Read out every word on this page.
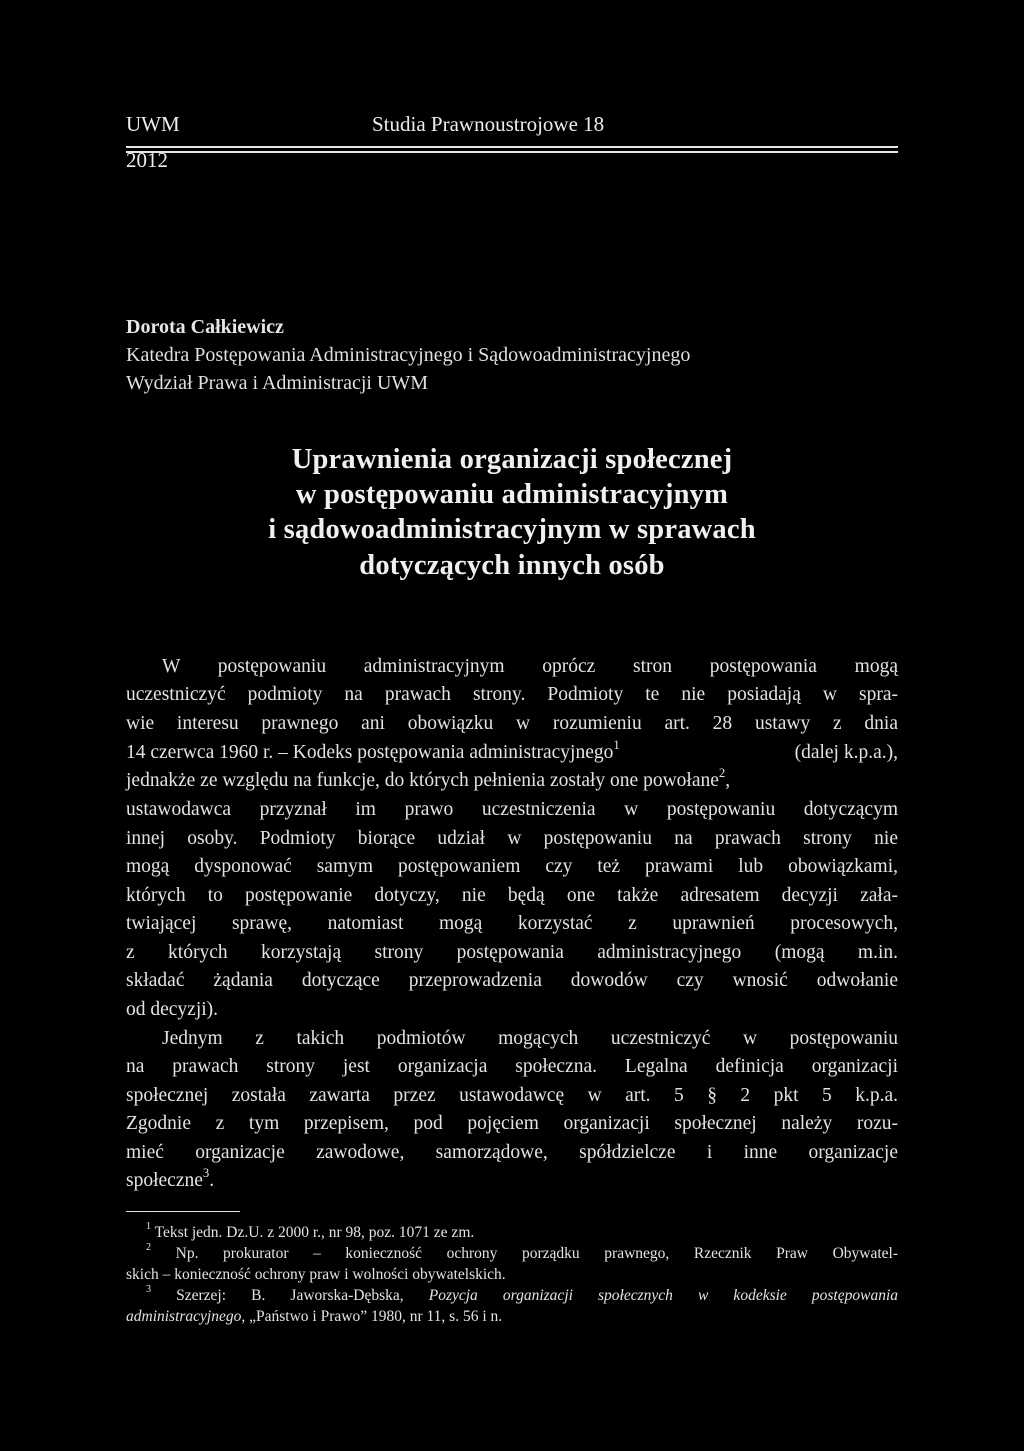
UWM	Studia Prawnoustrojowe 18
2012
Dorota Całkiewicz
Katedra Postępowania Administracyjnego i Sądowoadministracyjnego
Wydział Prawa i Administracji UWM
Uprawnienia organizacji społecznej
w postępowaniu administracyjnym
i sądowoadministracyjnym w sprawach
dotyczących innych osób
W postępowaniu administracyjnym oprócz stron postępowania mogą
uczestniczyć podmioty na prawach strony. Podmioty te nie posiadają w spra-
wie interesu prawnego ani obowiązku w rozumieniu art. 28 ustawy z dnia
14 czerwca 1960 r. – Kodeks postępowania administracyjnego$^1$	(dalej k.p.a.),
jednakże ze względu na funkcje, do których pełnienia zostały one powołane$^2$,
ustawodawca przyznał im prawo uczestniczenia w postępowaniu dotyczącym
innej osoby. Podmioty biorące udział w postępowaniu na prawach strony nie
mogą dysponować samym postępowaniem czy też prawami lub obowiązkami,
których to postępowanie dotyczy, nie będą one także adresatem decyzji zała-
twiającej sprawę, natomiast mogą korzystać z uprawnień procesowych,
z których korzystają strony postępowania administracyjnego (mogą m.in.
składać żądania dotyczące przeprowadzenia dowodów czy wnosić odwołanie
od decyzji).
Jednym z takich podmiotów mogących uczestniczyć w postępowaniu
na prawach strony jest organizacja społeczna. Legalna definicja organizacji
społecznej została zawarta przez ustawodawcę w art. 5 § 2 pkt 5 k.p.a.
Zgodnie z tym przepisem, pod pojęciem organizacji społecznej należy rozu-
mieć organizacje zawodowe, samorządowe, spółdzielcze i inne organizacje
społeczne$^3$.
$^1$ Tekst jedn. Dz.U. z 2000 r., nr 98, poz. 1071 ze zm.
$^2$ Np. prokurator – konieczność ochrony porządku prawnego, Rzecznik Praw Obywatel-
skich – konieczność ochrony praw i wolności obywatelskich.
$^3$ Szerzej: B. Jaworska-Dębska, Pozycja organizacji społecznych w kodeksie postępowania
administracyjnego, „Państwo i Prawo” 1980, nr 11, s. 56 i n.
